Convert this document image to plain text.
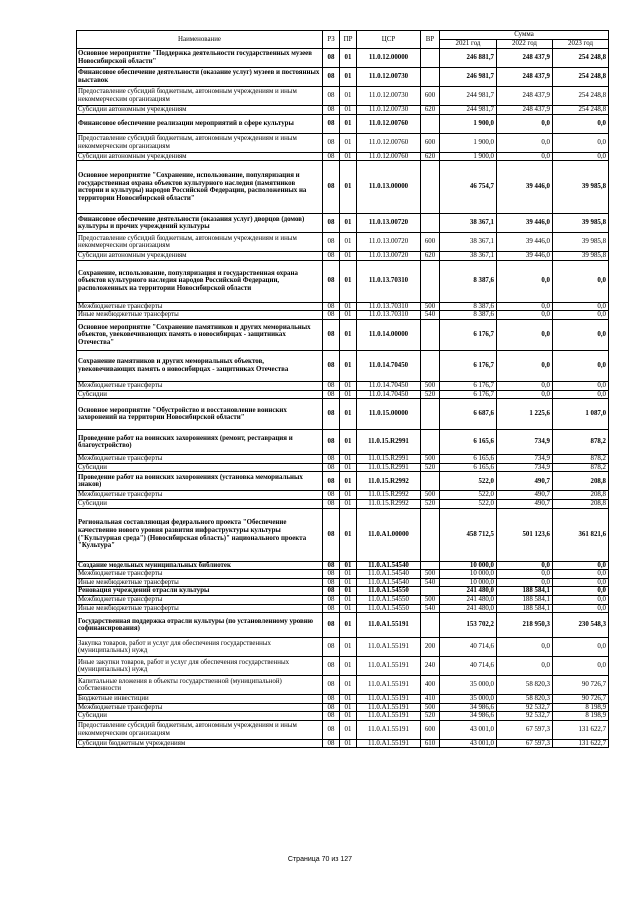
Наименование	РЗ	ПР	ЦСР	ВР	Сумма		
					2021 год	2022 год	2023 год
Основное мероприятие "Поддержка деятельности государственных музеев Новосибирской области"	08	01	11.0.12.00000		246 881,7	248 437,9	254 248,8
Финансовое обеспечение деятельности (оказание услуг) музеев и постоянных выставок	08	01	11.0.12.00730		246 981,7	248 437,9	254 248,8
Предоставление субсидий бюджетным, автономным учреждениям и иным некоммерческим организациям	08	01	11.0.12.00730	600	244 981,7	248 437,9	254 248,8
Субсидии автономным учреждениям	08	01	11.0.12.00730	620	244 981,7	248 437,9	254 248,8
Финансовое обеспечение реализации мероприятий в сфере культуры	08	01	11.0.12.00760		1 900,0	0,0	0,0
Предоставление субсидий бюджетным, автономным учреждениям и иным некоммерческим организациям	08	01	11.0.12.00760	600	1 900,0	0,0	0,0
Субсидии автономным учреждениям	08	01	11.0.12.00760	620	1 900,0	0,0	0,0
Основное мероприятие "Сохранение, использование, популяризация и государственная охрана объектов культурного наследия (памятников истории и культуры) народов Российской Федерации, расположенных на территории Новосибирской области"	08	01	11.0.13.00000		46 754,7	39 446,0	39 985,8
Финансовое обеспечение деятельности (оказания услуг) дворцов (домов) культуры и прочих учреждений культуры	08	01	11.0.13.00720		38 367,1	39 446,0	39 985,8
Предоставление субсидий бюджетным, автономным учреждениям и иным некоммерческим организациям	08	01	11.0.13.00720	600	38 367,1	39 446,0	39 985,8
Субсидии автономным учреждениям	08	01	11.0.13.00720	620	38 367,1	39 446,0	39 985,8
Сохранение, использование, популяризация и государственная охрана объектов культурного наследия народов Российской Федерации, расположенных на территории Новосибирской области	08	01	11.0.13.70310		8 387,6	0,0	0,0
Межбюджетные трансферты	08	01	11.0.13.70310	500	8 387,6	0,0	0,0
Иные межбюджетные трансферты	08	01	11.0.13.70310	540	8 387,6	0,0	0,0
Основное мероприятие "Сохранение памятников и других мемориальных объектов, увековечивающих память о новосибирцах - защитниках Отечества"	08	01	11.0.14.00000		6 176,7	0,0	0,0
Сохранение памятников и других мемориальных объектов, увековечивающих память о новосибирцах - защитниках Отечества	08	01	11.0.14.70450		6 176,7	0,0	0,0
Межбюджетные трансферты	08	01	11.0.14.70450	500	6 176,7	0,0	0,0
Субсидии	08	01	11.0.14.70450	520	6 176,7	0,0	0,0
Основное мероприятие "Обустройство и восстановление воинских захоронений на территории Новосибирской области"	08	01	11.0.15.00000		6 687,6	1 225,6	1 087,0
Проведение работ на воинских захоронениях (ремонт, реставрация и благоустройство)	08	01	11.0.15.R2991		6 165,6	734,9	878,2
Межбюджетные трансферты	08	01	11.0.15.R2991	500	6 165,6	734,9	878,2
Субсидии	08	01	11.0.15.R2991	520	6 165,6	734,9	878,2
Проведение работ на воинских захоронениях (установка мемориальных знаков)	08	01	11.0.15.R2992		522,0	490,7	208,8
Межбюджетные трансферты	08	01	11.0.15.R2992	500	522,0	490,7	208,8
Субсидии	08	01	11.0.15.R2992	520	522,0	490,7	208,8
Региональная составляющая федерального проекта "Обеспечение качественно нового уровня развития инфраструктуры культуры ("Культурная среда") (Новосибирская область)" национального проекта "Культура"	08	01	11.0.A1.00000		458 712,5	501 123,6	361 821,6
Создание модельных муниципальных библиотек	08	01	11.0.A1.54540		10 000,0	0,0	0,0
Межбюджетные трансферты	08	01	11.0.A1.54540	500	10 000,0	0,0	0,0
Иные межбюджетные трансферты	08	01	11.0.A1.54540	540	10 000,0	0,0	0,0
Реновация учреждений отрасли культуры	08	01	11.0.A1.54550		241 480,0	188 584,1	0,0
Межбюджетные трансферты	08	01	11.0.A1.54550	500	241 480,0	188 584,1	0,0
Иные межбюджетные трансферты	08	01	11.0.A1.54550	540	241 480,0	188 584,1	0,0
Государственная поддержка отрасли культуры (по установленному уровню софинансирования)	08	01	11.0.A1.55191		153 702,2	218 950,3	230 548,3
Закупка товаров, работ и услуг для обеспечения государственных (муниципальных) нужд	08	01	11.0.A1.55191	200	40 714,6	0,0	0,0
Иные закупки товаров, работ и услуг для обеспечения государственных (муниципальных) нужд	08	01	11.0.A1.55191	240	40 714,6	0,0	0,0
Капитальные вложения в объекты государственной (муниципальной) собственности	08	01	11.0.A1.55191	400	35 000,0	58 820,3	90 726,7
Бюджетные инвестиции	08	01	11.0.A1.55191	410	35 000,0	58 820,3	90 726,7
Межбюджетные трансферты	08	01	11.0.A1.55191	500	34 986,6	92 532,7	8 198,9
Субсидии	08	01	11.0.A1.55191	520	34 986,6	92 532,7	8 198,9
Предоставление субсидий бюджетным, автономным учреждениям и иным некоммерческим организациям	08	01	11.0.A1.55191	600	43 001,0	67 597,3	131 622,7
Субсидии бюджетным учреждениям	08	01	11.0.A1.55191	610	43 001,0	67 597,3	131 622,7
Страница 70 из 127
